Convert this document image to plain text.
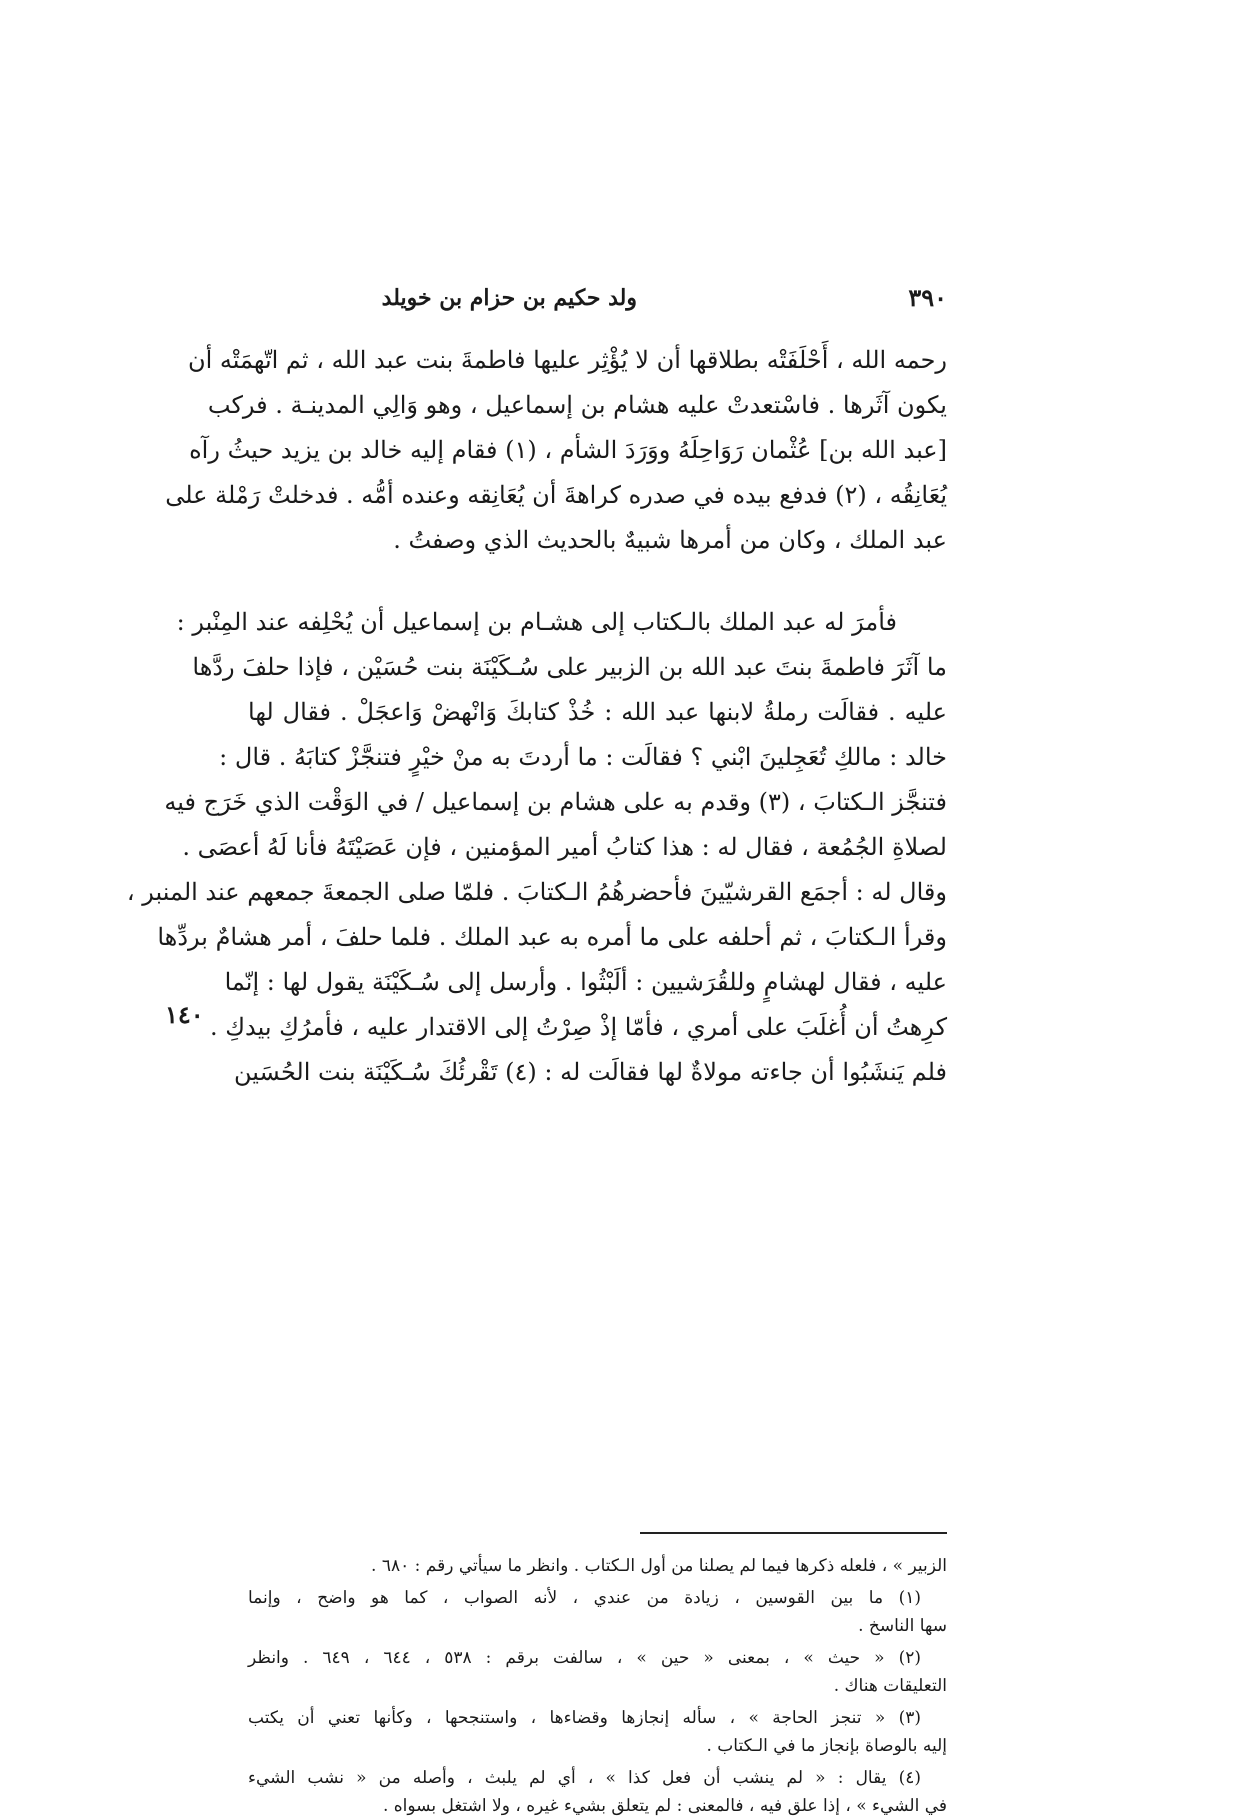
٣٩٠
ولد حكيم بن حزام بن خويلد
١٤٠
رحمه الله ، أَحْلَفَتْه بطلاقها أن لا يُؤْثِر عليها فاطمةَ بنت عبد الله ، ثم اتّهمَتْه أن
يكون آثَرها . فاسْتعدتْ عليه هشام بن إسماعيل ، وهو وَالِي المدينـة . فركب
[عبد الله بن] عُثْمان رَوَاحِلَهُ ووَرَدَ الشأم ، (١) فقام إليه خالد بن يزيد حيثُ رآه
يُعَانِقُه ، (٢) فدفع بيده في صدره كراهةَ أن يُعَانِقه وعنده أمُّه . فدخلتْ رَمْلة على
عبد الملك ، وكان من أمرها شبيهٌ بالحديث الذي وصفتُ .
فأمرَ له عبد الملك بالـكتاب إلى هشـام بن إسماعيل أن يُحْلِفه عند المِنْبر :
ما آثَرَ فاطمةَ بنتَ عبد الله بن الزبير على سُـكَيْنَة بنت حُسَيْن ، فإذا حلفَ ردَّها
عليه . فقالَت رملةُ لابنها عبد الله : خُذْ كتابكَ وَانْهضْ وَاعجَلْ . فقال لها
خالد : مالكِ تُعَجِلينَ ابْني ؟ فقالَت : ما أردتَ به منْ خيْرٍ فتنجَّزْ كتابَهُ . قال :
فتنجَّز الـكتابَ ، (٣) وقدم به على هشام بن إسماعيل / في الوَقْت الذي خَرَج فيه
لصلاةِ الجُمُعة ، فقال له : هذا كتابُ أمير المؤمنين ، فإن عَصَيْتَهُ فأنا لَهُ أعصَى .
وقال له : أجمَع القرشيّينَ فأحضرهُمُ الـكتابَ . فلمّا صلى الجمعةَ جمعهم عند المنبر ،
وقرأ الـكتابَ ، ثم أحلفه على ما أمره به عبد الملك . فلما حلفَ ، أمر هشامٌ بردِّها
عليه ، فقال لهشامٍ وللقُرَشيين : ألَبْثُوا . وأرسل إلى سُـكَيْنَة يقول لها : إنّما
كرِهتُ أن أُغلَبَ على أمري ، فأمّا إذْ صِرْتُ إلى الاقتدار عليه ، فأمرُكِ بيدكِ .
فلم يَنشَبُوا أن جاءته مولاةٌ لها فقالَت له : (٤) تَقْرئُكَ سُـكَيْنَة بنت الحُسَين
الزبير » ، فلعله ذكرها فيما لم يصلنا من أول الـكتاب . وانظر ما سيأتي رقم : ٦٨٠ .
(١) ما بين القوسين ، زيادة من عندي ، لأنه الصواب ، كما هو واضح ، وإنما
سها الناسخ .
(٢) « حيث » ، بمعنى « حين » ، سالفت برقم : ٥٣٨ ، ٦٤٤ ، ٦٤٩ . وانظر
التعليقات هناك .
(٣) « تنجز الحاجة » ، سأله إنجازها وقضاءها ، واستنجحها ، وكأنها تعني أن يكتب
إليه بالوصاة بإنجاز ما في الـكتاب .
(٤) يقال : « لم ينشب أن فعل كذا » ، أي لم يلبث ، وأصله من « نشب الشيء
في الشيء » ، إذا علق فيه ، فالمعنى : لم يتعلق بشيء غيره ، ولا اشتغل بسواه .
